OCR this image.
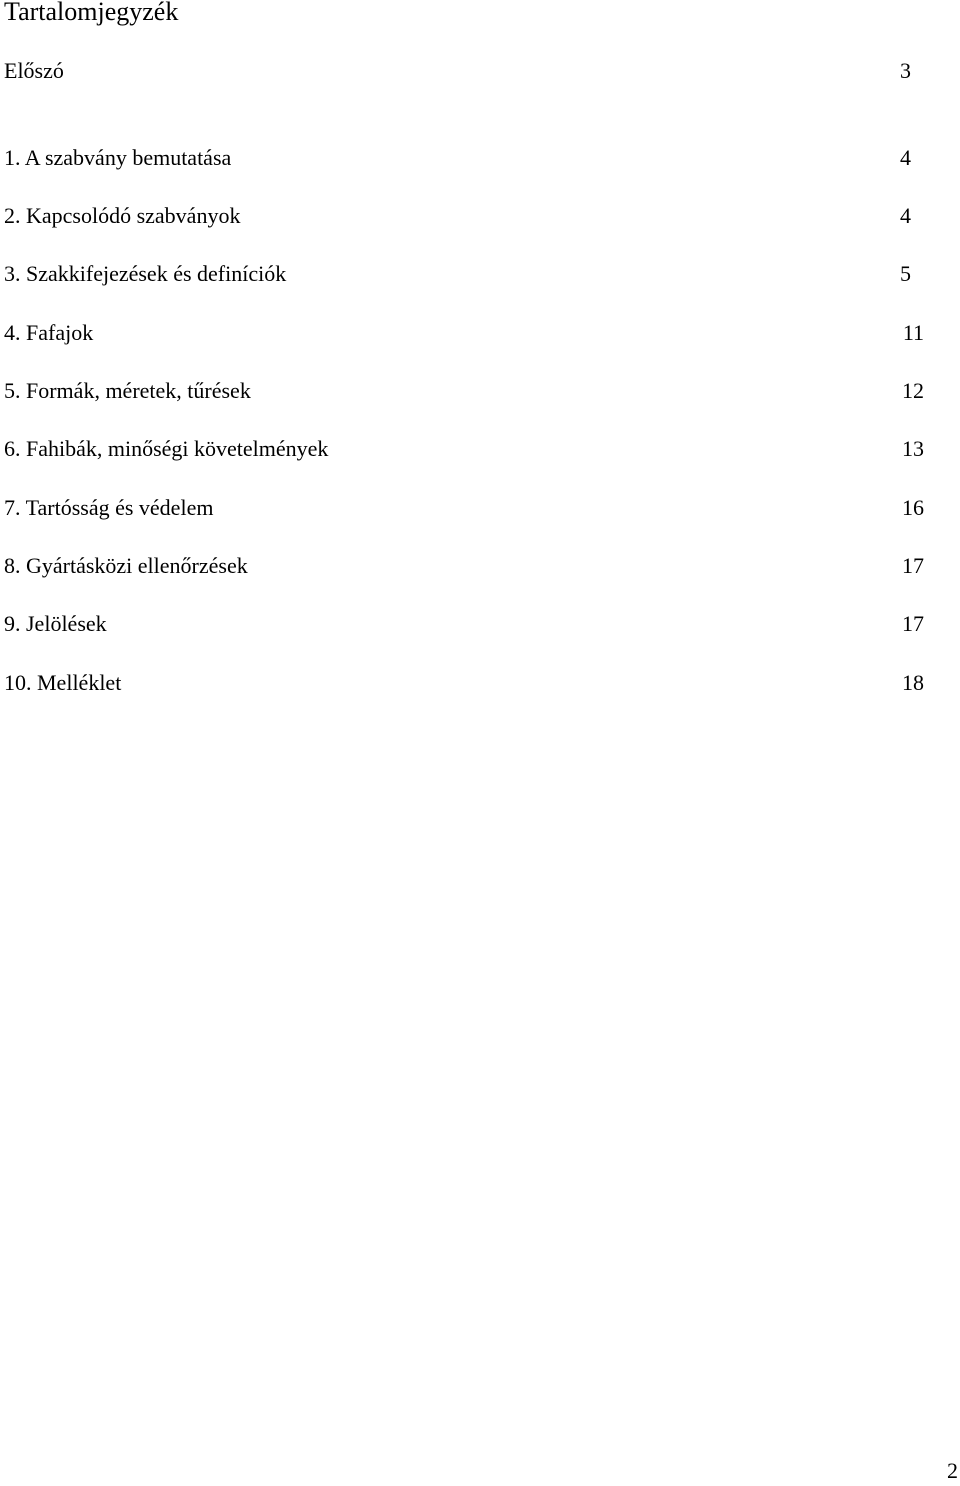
Tartalomjegyzék
Előszó	3
1. A szabvány bemutatása	4
2. Kapcsolódó szabványok	4
3. Szakkifejezések és definíciók	5
4. Fafajok	11
5. Formák, méretek, tűrések	12
6. Fahibák, minőségi követelmények	13
7. Tartósság és védelem	16
8. Gyártásközi ellenőrzések	17
9. Jelölések	17
10. Melléklet	18
2
